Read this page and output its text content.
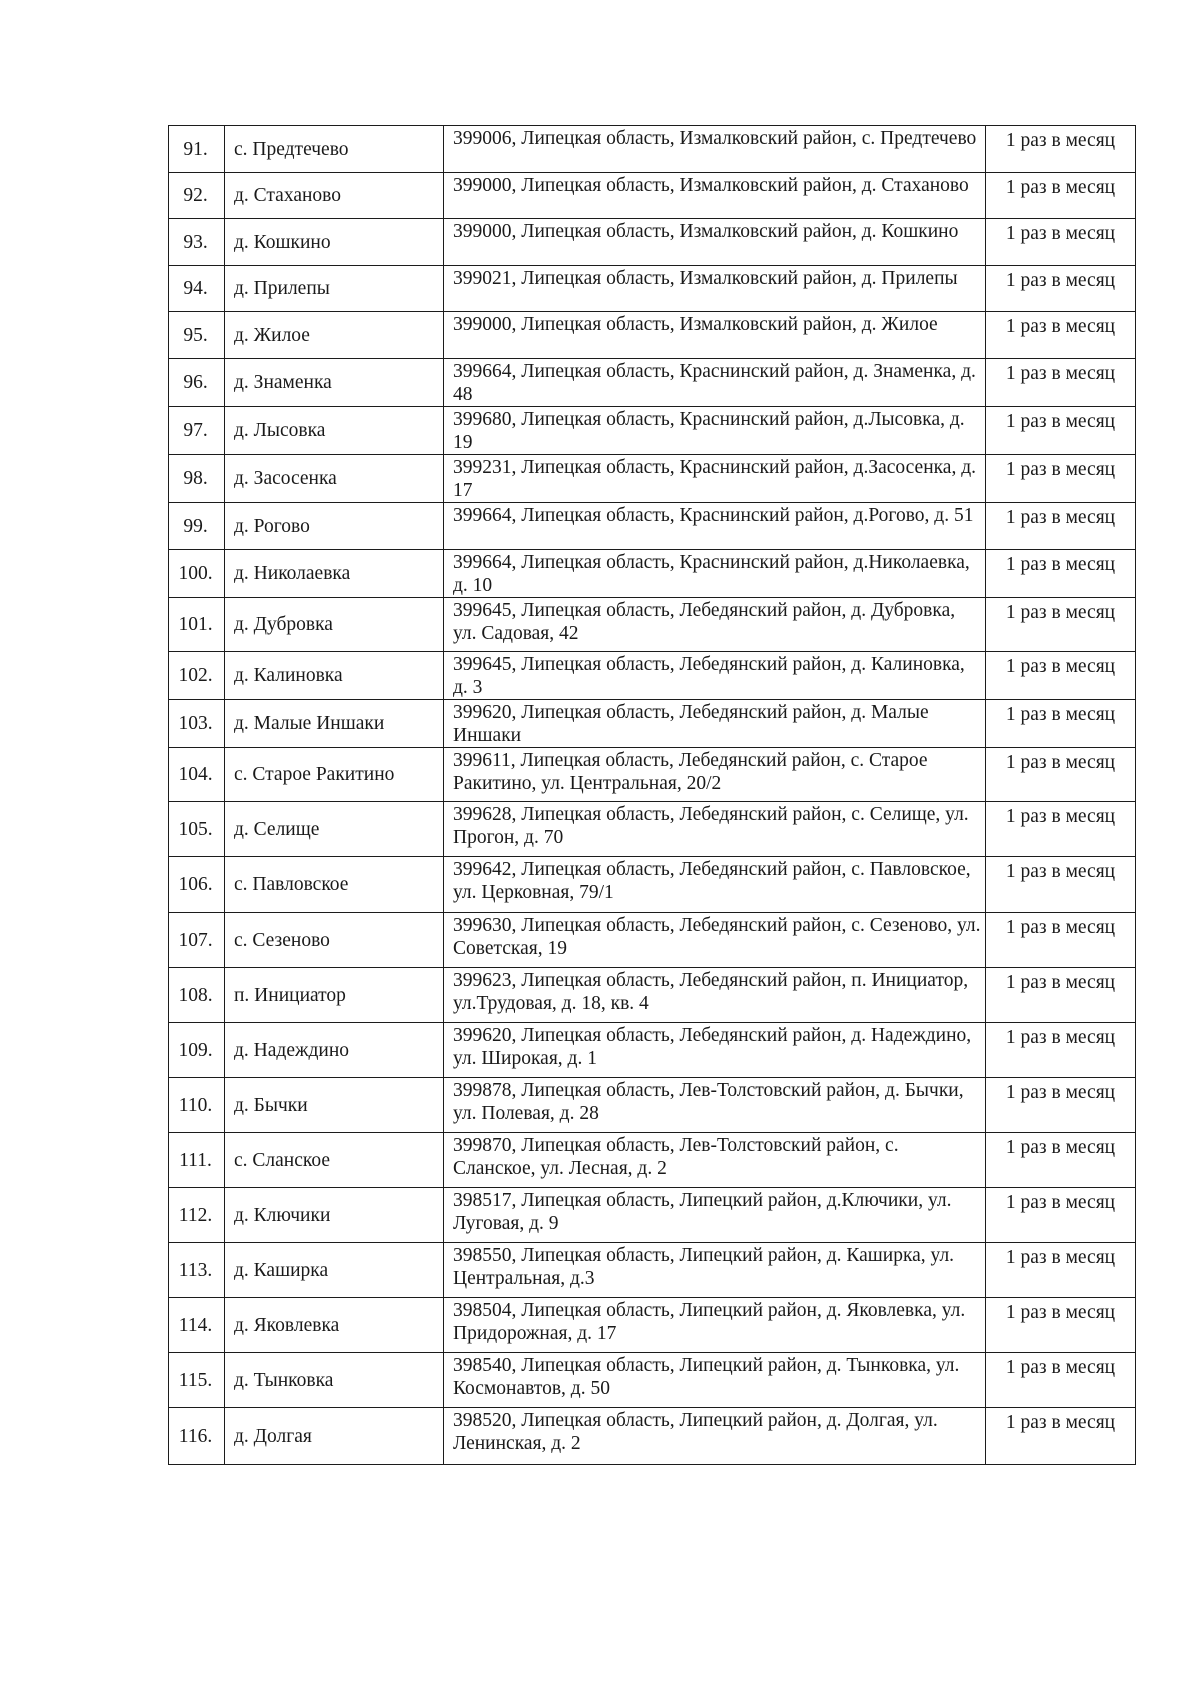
91.	с. Предтечево	399006, Липецкая область, Измалковский район, с. Предтечево	1 раз в месяц
92.	д. Стаханово	399000, Липецкая область, Измалковский район, д. Стаханово	1 раз в месяц
93.	д. Кошкино	399000, Липецкая область, Измалковский район, д. Кошкино	1 раз в месяц
94.	д. Прилепы	399021, Липецкая область, Измалковский район, д. Прилепы	1 раз в месяц
95.	д. Жилое	399000, Липецкая область, Измалковский район, д. Жилое	1 раз в месяц
96.	д. Знаменка	399664, Липецкая область, Краснинский район, д. Знаменка, д. 48	1 раз в месяц
97.	д. Лысовка	399680, Липецкая область, Краснинский район, д.Лысовка, д. 19	1 раз в месяц
98.	д. Засосенка	399231, Липецкая область, Краснинский район, д.Засосенка, д. 17	1 раз в месяц
99.	д. Рогово	399664, Липецкая область, Краснинский район, д.Рогово, д. 51	1 раз в месяц
100.	д. Николаевка	399664, Липецкая область, Краснинский район, д.Николаевка, д. 10	1 раз в месяц
101.	д. Дубровка	399645, Липецкая область, Лебедянский район, д. Дубровка, ул. Садовая, 42	1 раз в месяц
102.	д. Калиновка	399645, Липецкая область, Лебедянский район, д. Калиновка, д. 3	1 раз в месяц
103.	д. Малые Иншаки	399620, Липецкая область, Лебедянский район, д. Малые Иншаки	1 раз в месяц
104.	с. Старое Ракитино	399611, Липецкая область, Лебедянский район, с. Старое Ракитино, ул. Центральная, 20/2	1 раз в месяц
105.	д. Селище	399628, Липецкая область, Лебедянский район, с. Селище, ул. Прогон, д. 70	1 раз в месяц
106.	с. Павловское	399642, Липецкая область, Лебедянский район, с. Павловское, ул. Церковная, 79/1	1 раз в месяц
107.	с. Сезеново	399630, Липецкая область, Лебедянский район, с. Сезеново, ул. Советская, 19	1 раз в месяц
108.	п. Инициатор	399623, Липецкая область, Лебедянский район, п. Инициатор, ул.Трудовая, д. 18, кв. 4	1 раз в месяц
109.	д. Надеждино	399620, Липецкая область, Лебедянский район, д. Надеждино, ул. Широкая, д. 1	1 раз в месяц
110.	д. Бычки	399878, Липецкая область, Лев-Толстовский район, д. Бычки, ул. Полевая, д. 28	1 раз в месяц
111.	с. Сланское	399870, Липецкая область, Лев-Толстовский район, с. Сланское, ул. Лесная, д. 2	1 раз в месяц
112.	д. Ключики	398517, Липецкая область, Липецкий район, д.Ключики, ул. Луговая, д. 9	1 раз в месяц
113.	д. Каширка	398550, Липецкая область, Липецкий район, д. Каширка, ул. Центральная, д.3	1 раз в месяц
114.	д. Яковлевка	398504, Липецкая область, Липецкий район, д. Яковлевка, ул. Придорожная, д. 17	1 раз в месяц
115.	д. Тынковка	398540, Липецкая область, Липецкий район, д. Тынковка, ул. Космонавтов, д. 50	1 раз в месяц
116.	д. Долгая	398520, Липецкая область, Липецкий район, д. Долгая, ул. Ленинская, д. 2	1 раз в месяц
